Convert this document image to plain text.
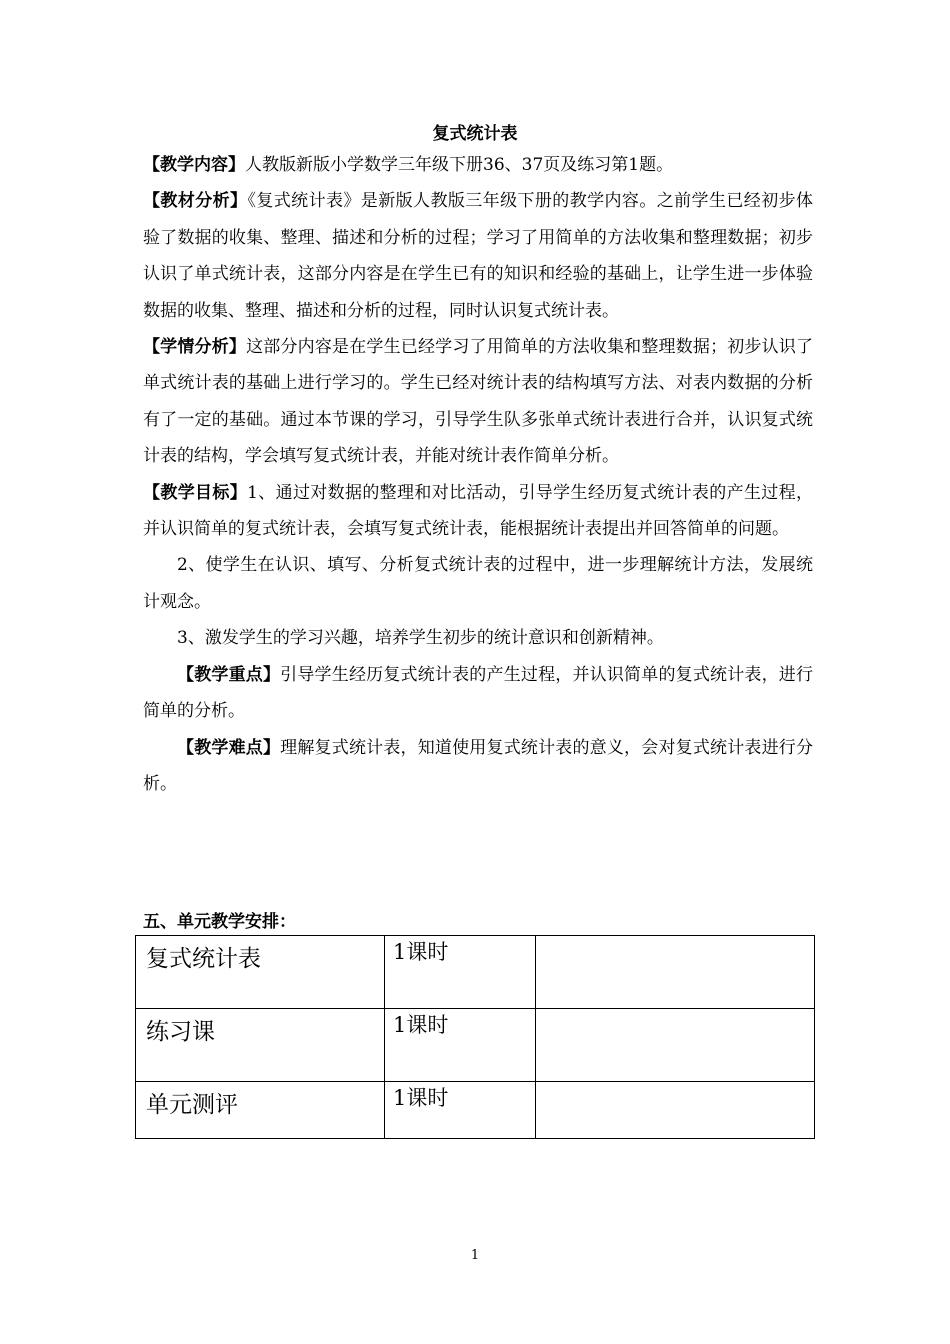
复式统计表

【教学内容】人教版新版小学数学三年级下册36、37页及练习第1题。

【教材分析】《复式统计表》是新版人教版三年级下册的教学内容。之前学生已经初步体验了数据的收集、整理、描述和分析的过程；学习了用简单的方法收集和整理数据；初步认识了单式统计表，这部分内容是在学生已有的知识和经验的基础上，让学生进一步体验数据的收集、整理、描述和分析的过程，同时认识复式统计表。

【学情分析】这部分内容是在学生已经学习了用简单的方法收集和整理数据；初步认识了单式统计表的基础上进行学习的。学生已经对统计表的结构填写方法、对表内数据的分析有了一定的基础。通过本节课的学习，引导学生队多张单式统计表进行合并，认识复式统计表的结构，学会填写复式统计表，并能对统计表作简单分析。

【教学目标】1、通过对数据的整理和对比活动，引导学生经历复式统计表的产生过程，并认识简单的复式统计表，会填写复式统计表，能根据统计表提出并回答简单的问题。

2、使学生在认识、填写、分析复式统计表的过程中，进一步理解统计方法，发展统计观念。

3、激发学生的学习兴趣，培养学生初步的统计意识和创新精神。

【教学重点】引导学生经历复式统计表的产生过程，并认识简单的复式统计表，进行简单的分析。

【教学难点】理解复式统计表，知道使用复式统计表的意义，会对复式统计表进行分析。

五、单元教学安排：
复式统计表	1课时	
练习课	1课时	
单元测评	1课时	
1
